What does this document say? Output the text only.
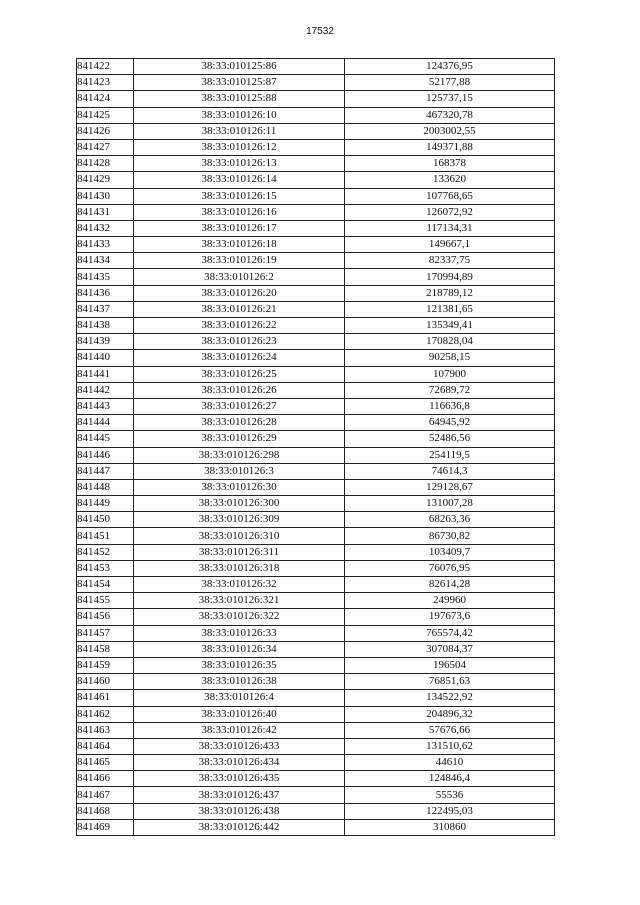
17532
841422	38:33:010125:86	124376,95
841423	38:33:010125:87	52177,88
841424	38:33:010125:88	125737,15
841425	38:33:010126:10	467320,78
841426	38:33:010126:11	2003002,55
841427	38:33:010126:12	149371,88
841428	38:33:010126:13	168378
841429	38:33:010126:14	133620
841430	38:33:010126:15	107768,65
841431	38:33:010126:16	126072,92
841432	38:33:010126:17	117134,31
841433	38:33:010126:18	149667,1
841434	38:33:010126:19	82337,75
841435	38:33:010126:2	170994,89
841436	38:33:010126:20	218789,12
841437	38:33:010126:21	121381,65
841438	38:33:010126:22	135349,41
841439	38:33:010126:23	170828,04
841440	38:33:010126:24	90258,15
841441	38:33:010126:25	107900
841442	38:33:010126:26	72689,72
841443	38:33:010126:27	116636,8
841444	38:33:010126:28	64945,92
841445	38:33:010126:29	52486,56
841446	38:33:010126:298	254119,5
841447	38:33:010126:3	74614,3
841448	38:33:010126:30	129128,67
841449	38:33:010126:300	131007,28
841450	38:33:010126:309	68263,36
841451	38:33:010126:310	86730,82
841452	38:33:010126:311	103409,7
841453	38:33:010126:318	76076,95
841454	38:33:010126:32	82614,28
841455	38:33:010126:321	249960
841456	38:33:010126:322	197673,6
841457	38:33:010126:33	765574,42
841458	38:33:010126:34	307084,37
841459	38:33:010126:35	196504
841460	38:33:010126:38	76851,63
841461	38:33:010126:4	134522,92
841462	38:33:010126:40	204896,32
841463	38:33:010126:42	57676,66
841464	38:33:010126:433	131510,62
841465	38:33:010126:434	44610
841466	38:33:010126:435	124846,4
841467	38:33:010126:437	55536
841468	38:33:010126:438	122495,03
841469	38:33:010126:442	310860
